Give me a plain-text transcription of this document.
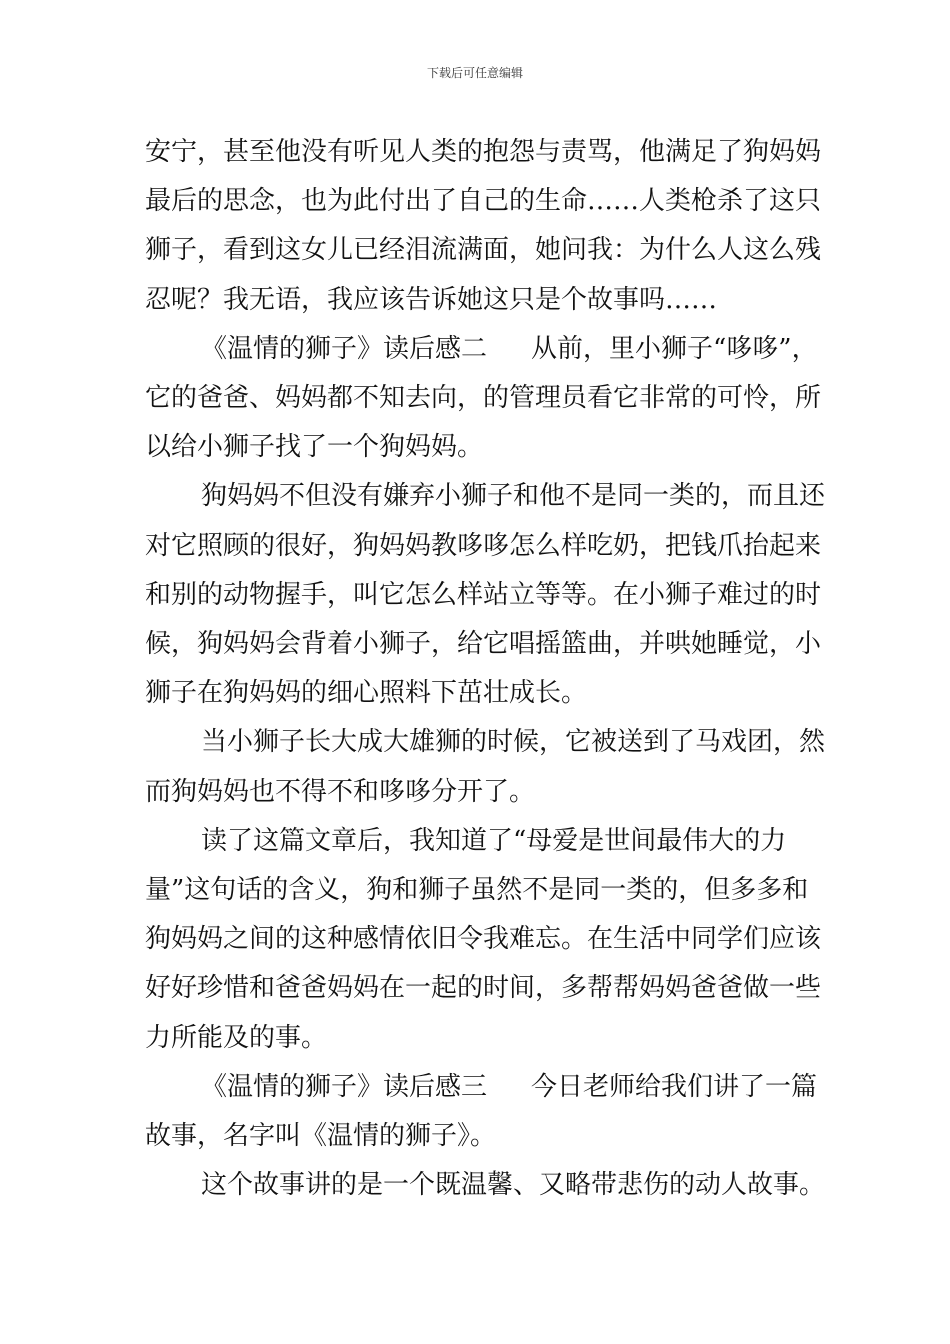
下载后可任意编辑

安宁，甚至他没有听见人类的抱怨与责骂，他满足了狗妈妈最后的思念，也为此付出了自己的生命……人类枪杀了这只狮子，看到这女儿已经泪流满面，她问我：为什么人这么残忍呢？我无语，我应该告诉她这只是个故事吗……

《温情的狮子》读后感二 从前，里小狮子“哆哆”，它的爸爸、妈妈都不知去向，的管理员看它非常的可怜，所以给小狮子找了一个狗妈妈。

狗妈妈不但没有嫌弃小狮子和他不是同一类的，而且还对它照顾的很好，狗妈妈教哆哆怎么样吃奶，把钱爪抬起来和别的动物握手，叫它怎么样站立等等。在小狮子难过的时候，狗妈妈会背着小狮子，给它唱摇篮曲，并哄她睡觉，小狮子在狗妈妈的细心照料下茁壮成长。

当小狮子长大成大雄狮的时候，它被送到了马戏团，然而狗妈妈也不得不和哆哆分开了。

读了这篇文章后，我知道了“母爱是世间最伟大的力量”这句话的含义，狗和狮子虽然不是同一类的，但多多和狗妈妈之间的这种感情依旧令我难忘。在生活中同学们应该好好珍惜和爸爸妈妈在一起的时间，多帮帮妈妈爸爸做一些力所能及的事。

《温情的狮子》读后感三 今日老师给我们讲了一篇故事，名字叫《温情的狮子》。

这个故事讲的是一个既温馨、又略带悲伤的动人故事。
